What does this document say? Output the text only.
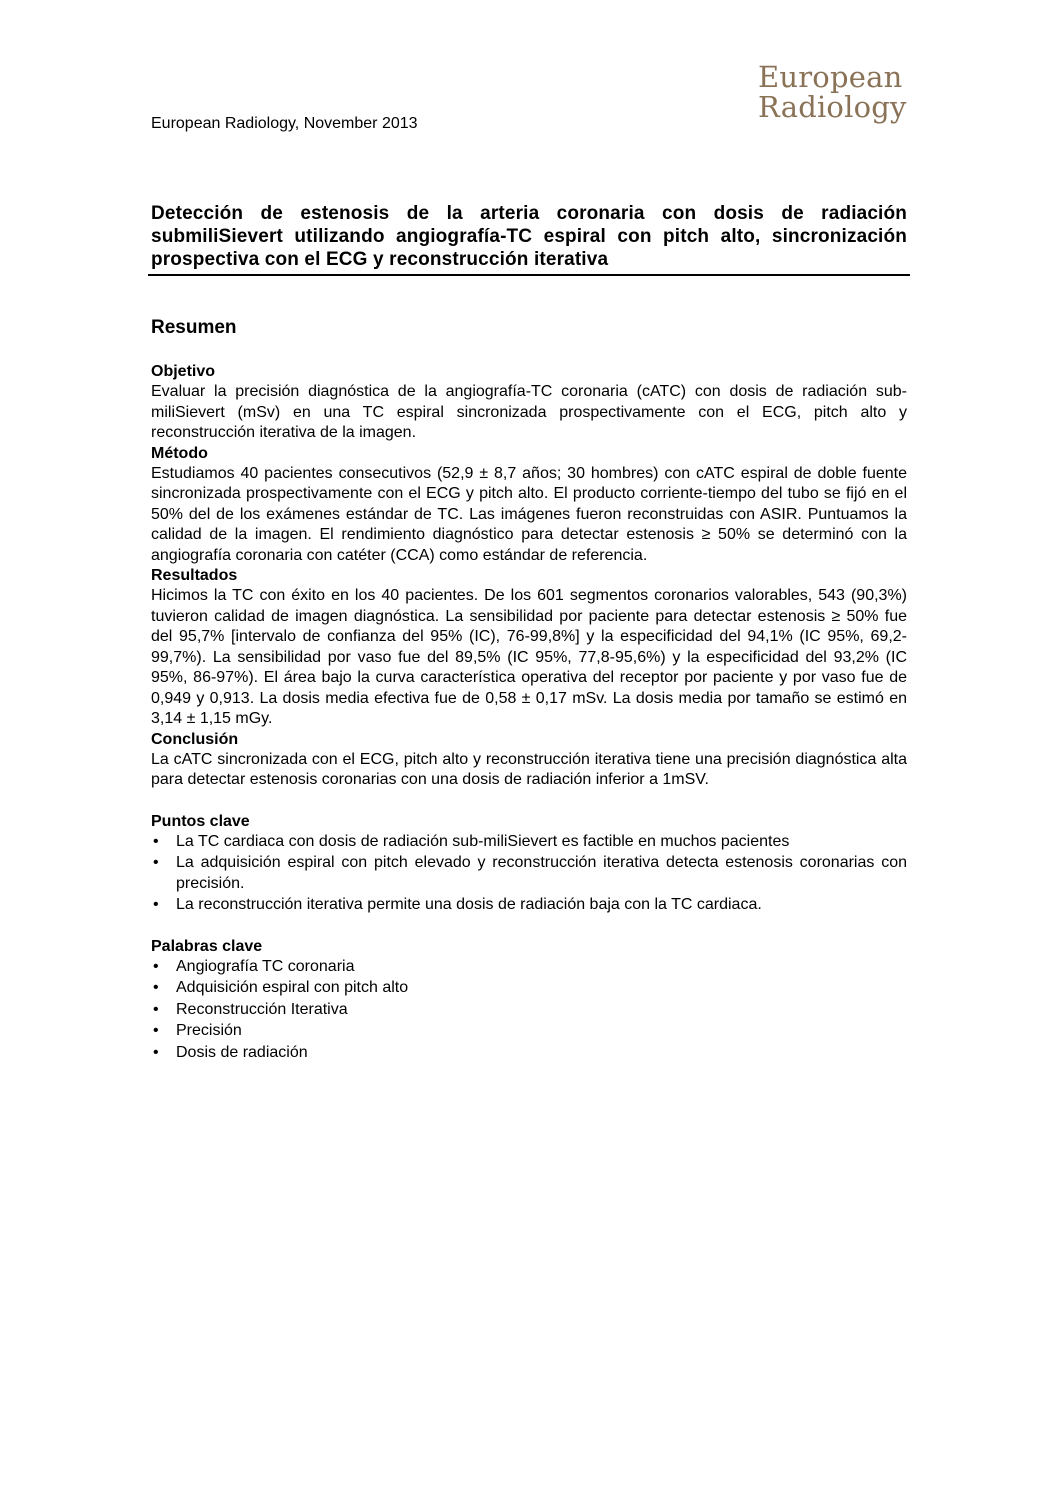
European
Radiology
European Radiology, November 2013
Detección de estenosis de la arteria coronaria con dosis de radiación submiliSievert utilizando angiografía-TC espiral con pitch alto, sincronización prospectiva con el ECG y reconstrucción iterativa
Resumen
Objetivo

Evaluar la precisión diagnóstica de la angiografía-TC coronaria (cATC) con dosis de radiación sub-miliSievert (mSv) en una TC espiral sincronizada prospectivamente con el ECG, pitch alto y reconstrucción iterativa de la imagen.

Método

Estudiamos 40 pacientes consecutivos (52,9 ± 8,7 años; 30 hombres) con cATC espiral de doble fuente sincronizada prospectivamente con el ECG y pitch alto. El producto corriente-tiempo del tubo se fijó en el 50% del de los exámenes estándar de TC. Las imágenes fueron reconstruidas con ASIR. Puntuamos la calidad de la imagen. El rendimiento diagnóstico para detectar estenosis ≥ 50% se determinó con la angiografía coronaria con catéter (CCA) como estándar de referencia.

Resultados

Hicimos la TC con éxito en los 40 pacientes. De los 601 segmentos coronarios valorables, 543 (90,3%) tuvieron calidad de imagen diagnóstica. La sensibilidad por paciente para detectar estenosis ≥ 50% fue del 95,7% [intervalo de confianza del 95% (IC), 76-99,8%] y la especificidad del 94,1% (IC 95%, 69,2-99,7%). La sensibilidad por vaso fue del 89,5% (IC 95%, 77,8-95,6%) y la especificidad del 93,2% (IC 95%, 86-97%). El área bajo la curva característica operativa del receptor por paciente y por vaso fue de 0,949 y 0,913. La dosis media efectiva fue de 0,58 ± 0,17 mSv. La dosis media por tamaño se estimó en 3,14 ± 1,15 mGy.

Conclusión

La cATC sincronizada con el ECG, pitch alto y reconstrucción iterativa tiene una precisión diagnóstica alta para detectar estenosis coronarias con una dosis de radiación inferior a 1mSV.

Puntos clave
• La TC cardiaca con dosis de radiación sub-miliSievert es factible en muchos pacientes
• La adquisición espiral con pitch elevado y reconstrucción iterativa detecta estenosis coronarias con precisión.
• La reconstrucción iterativa permite una dosis de radiación baja con la TC cardiaca.
Palabras clave
• Angiografía TC coronaria
• Adquisición espiral con pitch alto
• Reconstrucción Iterativa
• Precisión
• Dosis de radiación
